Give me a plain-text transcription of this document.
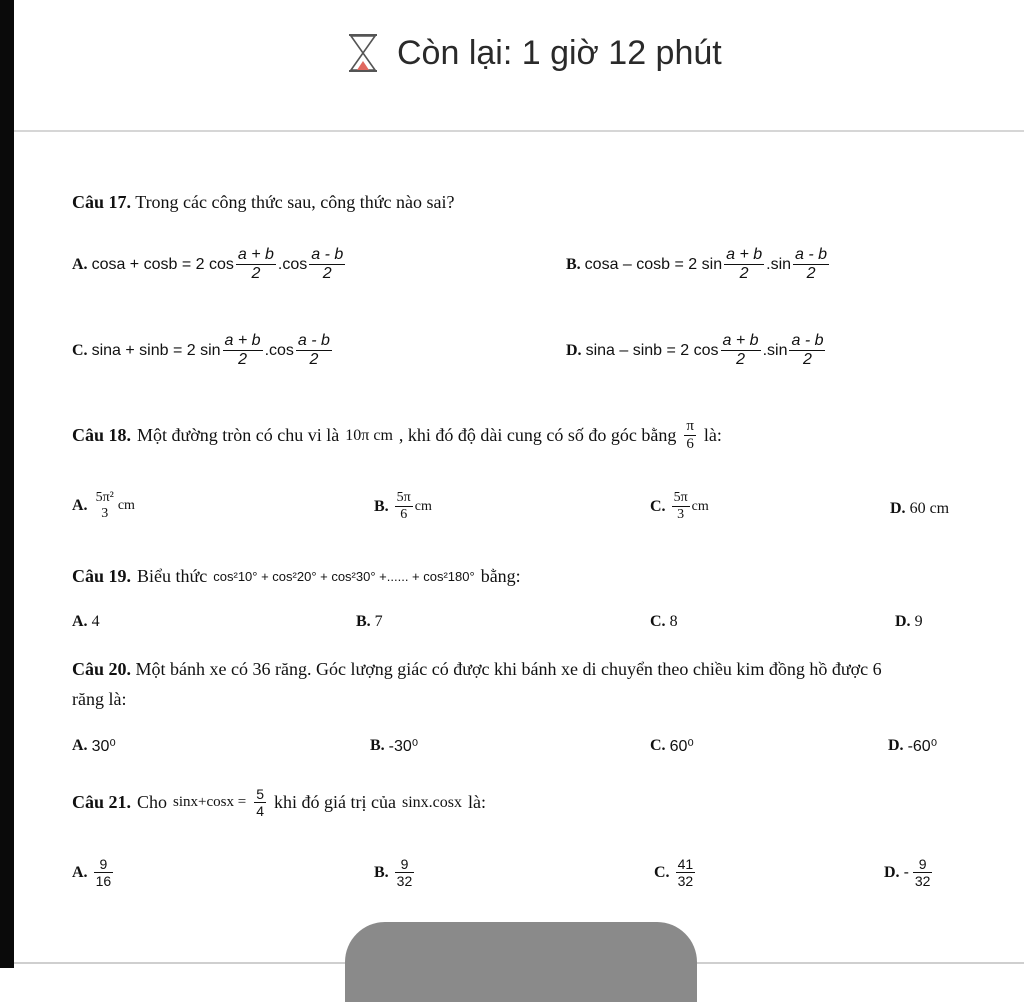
Còn lại: 1 giờ 12 phút
Câu 17. Trong các công thức sau, công thức nào sai?
A. cosa + cosb = 2 $\cos \frac{a + b}{2} .\cos \frac{a - b}{2}$	B. cosa – cosb = 2 $\sin \frac{a + b}{2} .\sin \frac{a - b}{2}$
C. sina + sinb = 2 $\sin \frac{a + b}{2} .\cos \frac{a - b}{2}$	D. sina – sinb = 2 $\cos \frac{a + b}{2} .\sin \frac{a - b}{2}$
Câu 18. Một đường tròn có chu vi là 10π cm , khi đó độ dài cung có số đo góc bằng $\frac{\pi}{6}$ là:
A. 5π²
3
cm	B. $\frac{5\pi}{6}$ cm	C. $\frac{5\pi}{3}$ cm	D. 60 cm
Câu 19. Biểu thức cos²10° + cos²20° + cos²30° +...... + cos²180° bằng:
A. 4	B. 7	C. 8	D. 9
Câu 20. Một bánh xe có 36 răng. Góc lượng giác có được khi bánh xe di chuyển theo chiều kim đồng hồ được 6
răng là:
A. 30⁰	B. -30⁰	C. 60⁰	D. -60⁰
Câu 21. Cho $\sin x+\cos x = \frac{5}{4}$ khi đó giá trị của sinx.cosx là:
A. $\frac{9}{16}$	B. $\frac{9}{32}$	C. $\frac{41}{32}$	D. - $\frac{9}{32}$
